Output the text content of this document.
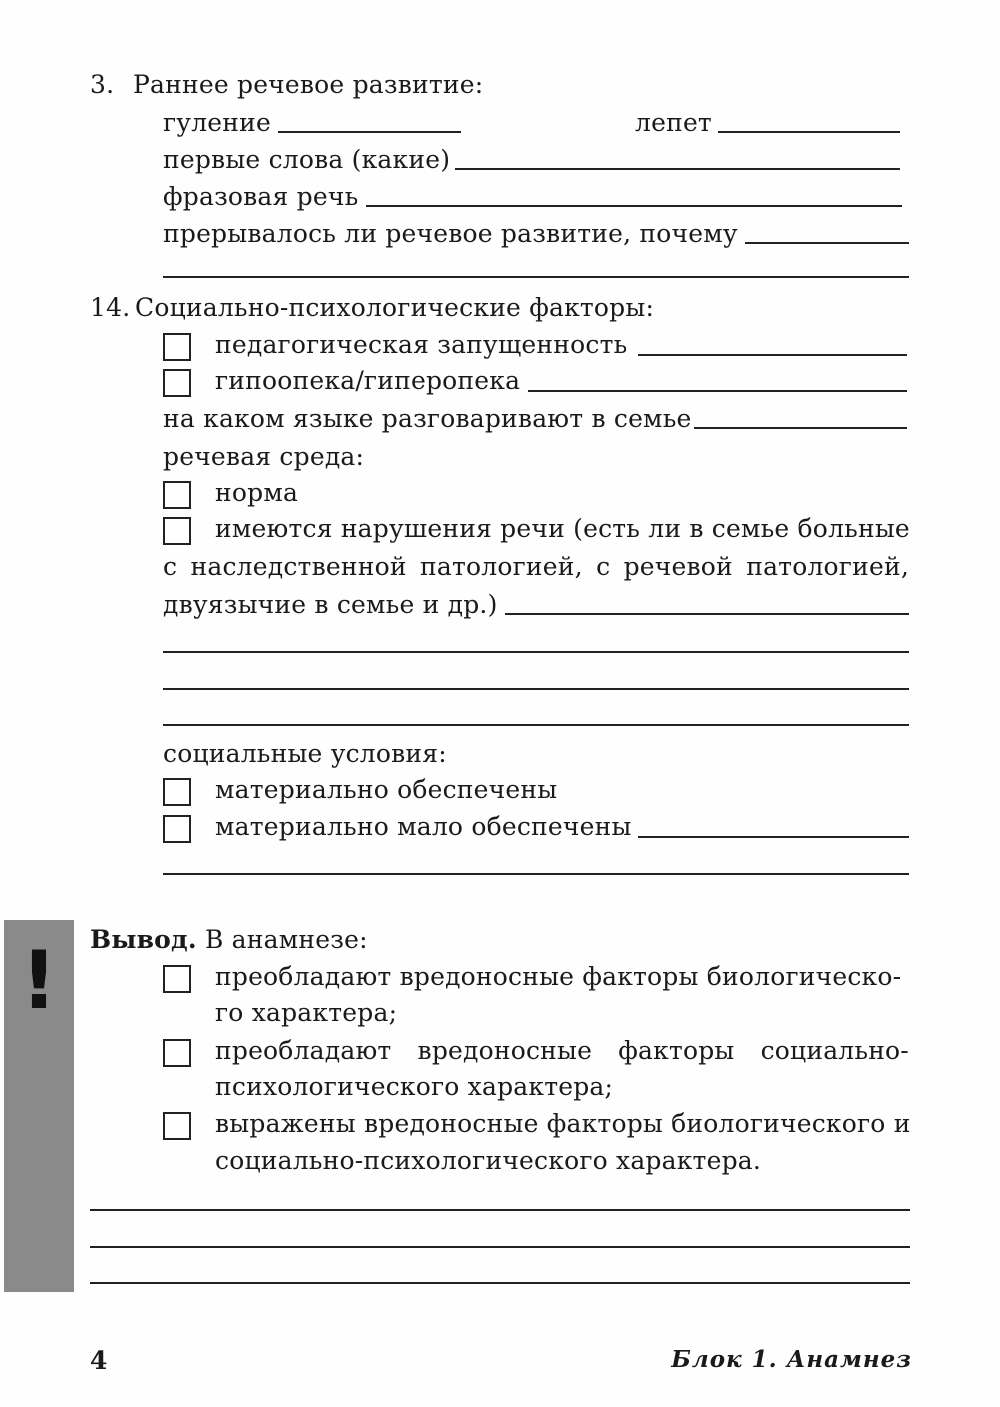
3. Раннее речевое развитие:
гуление	лепет
первые слова (какие)
фразовая речь
прерывалось ли речевое развитие, почему
14. Социально-психологические факторы:
педагогическая запущенность
гипоопека/гиперопека
на каком языке разговаривают в семье
речевая среда:
норма
имеются нарушения речи (есть ли в семье больные
с наследственной патологией, с речевой патологией,
двуязычие в семье и др.)
социальные условия:
материально обеспечены
материально мало обеспечены
!	Вывод. В анамнезе:
преобладают вредоносные факторы биологическо-
го характера;
преобладают вредоносные факторы социально-
психологического характера;
выражены вредоносные факторы биологического и
социально-психологического характера.
4	Блок 1. Анамнез
